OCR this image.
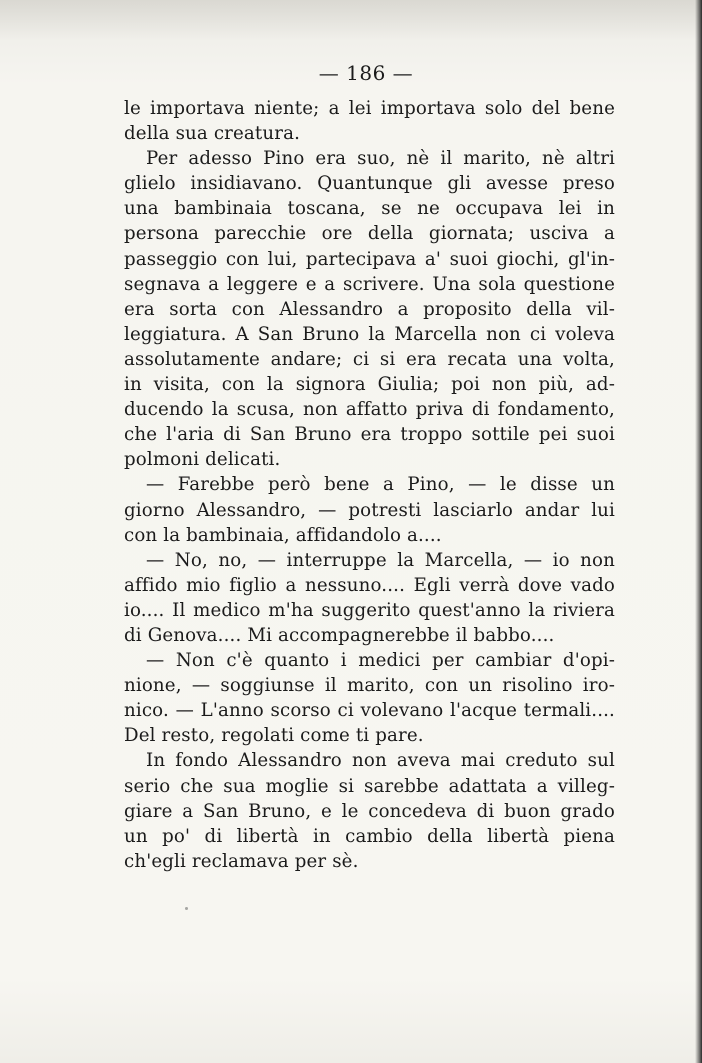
— 186 —
le importava niente; a lei importava solo del bene
della sua creatura.
Per adesso Pino era suo, nè il marito, nè altri
glielo insidiavano. Quantunque gli avesse preso
una bambinaia toscana, se ne occupava lei in
persona parecchie ore della giornata; usciva a
passeggio con lui, partecipava a' suoi giochi, gl'in-
segnava a leggere e a scrivere. Una sola questione
era sorta con Alessandro a proposito della vil-
leggiatura. A San Bruno la Marcella non ci voleva
assolutamente andare; ci si era recata una volta,
in visita, con la signora Giulia; poi non più, ad-
ducendo la scusa, non affatto priva di fondamento,
che l'aria di San Bruno era troppo sottile pei suoi
polmoni delicati.
— Farebbe però bene a Pino, — le disse un
giorno Alessandro, — potresti lasciarlo andar lui
con la bambinaia, affidandolo a....
— No, no, — interruppe la Marcella, — io non
affido mio figlio a nessuno.... Egli verrà dove vado
io.... Il medico m'ha suggerito quest'anno la riviera
di Genova.... Mi accompagnerebbe il babbo....
— Non c'è quanto i medici per cambiar d'opi-
nione, — soggiunse il marito, con un risolino iro-
nico. — L'anno scorso ci volevano l'acque termali....
Del resto, regolati come ti pare.
In fondo Alessandro non aveva mai creduto sul
serio che sua moglie si sarebbe adattata a villeg-
giare a San Bruno, e le concedeva di buon grado
un po' di libertà in cambio della libertà piena
ch'egli reclamava per sè.
